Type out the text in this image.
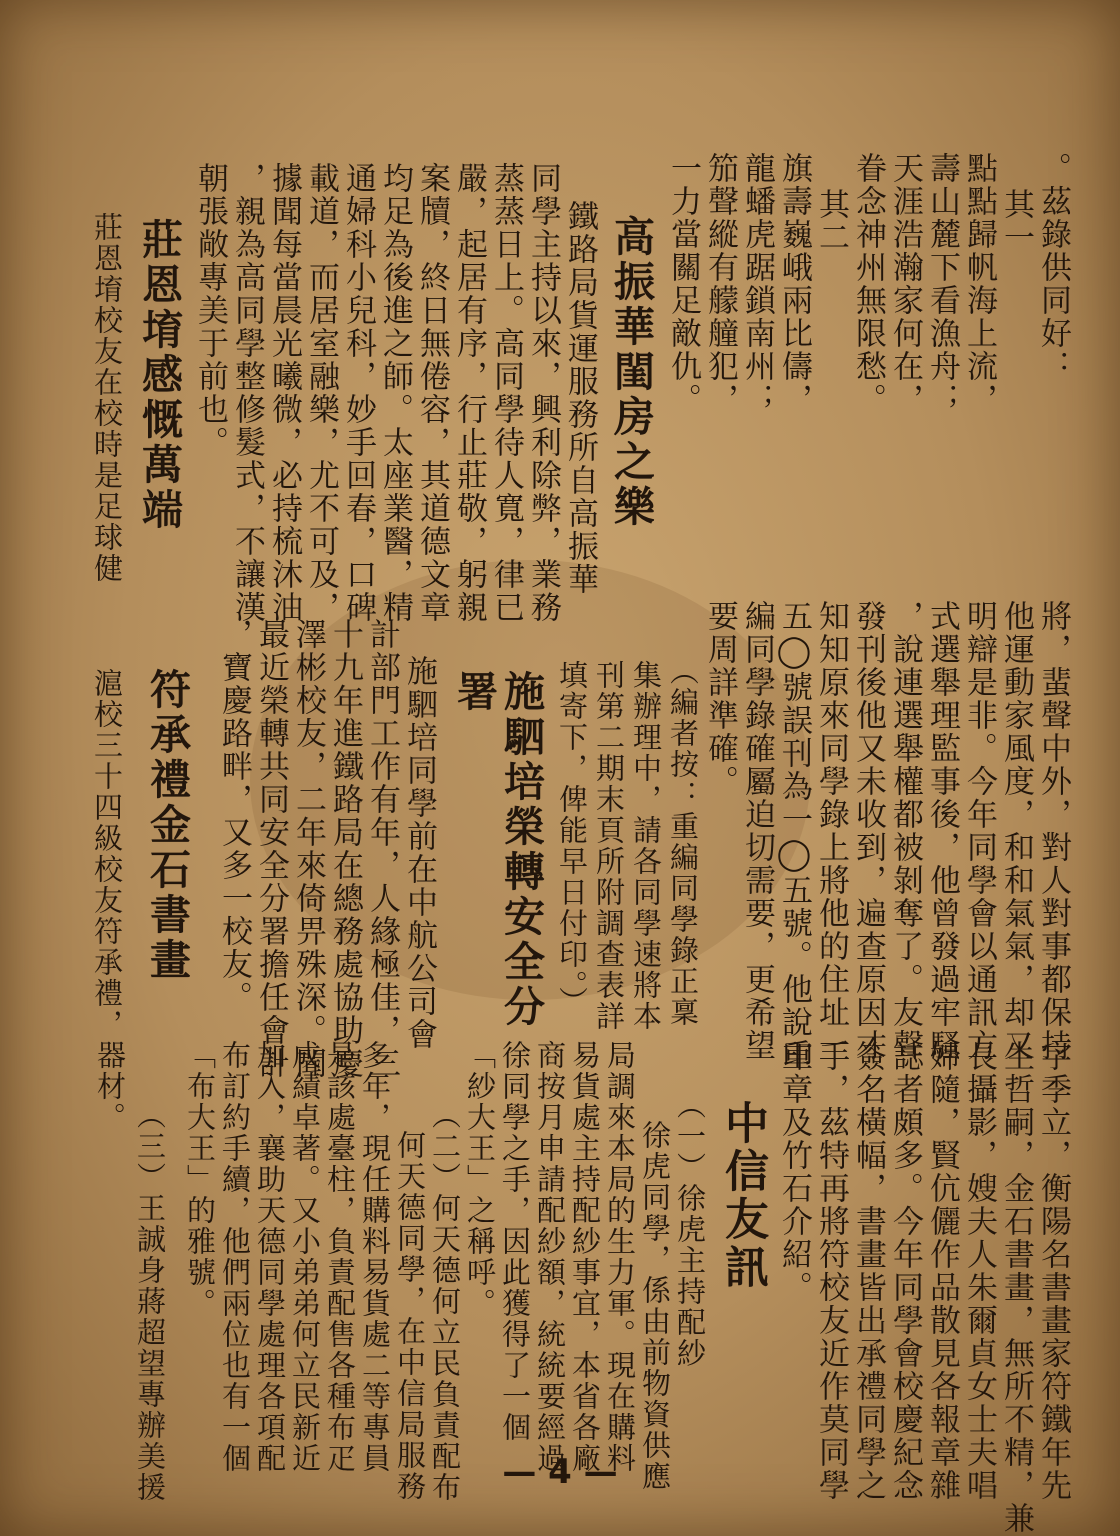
。茲錄供同好：
其一
點點歸帆海上流，
壽山麓下看漁舟；
天涯浩瀚家何在，
眷念神州無限愁。
其二
旗壽巍峨兩比儔，
龍蟠虎踞鎖南州；
笳聲縱有艨艟犯，
一力當關足敵仇。
高振華閨房之樂
鐵路局貨運服務所自高振華
同學主持以來，興利除弊，業務
蒸蒸日上。高同學待人寬，律已
嚴，起居有序，行止莊敬，躬親
案牘，終日無倦容，其道德文章
均足為後進之師。太座業醫，精
通婦科小兒科，妙手回春，口碑
載道，而居室融樂，尤不可及，
據聞每當晨光曦微，必持梳沐油
，親為高同學整修髮式，不讓漢
朝張敞專美于前也。
莊恩堉感慨萬端
莊恩堉校友在校時是足球健
將，蜚聲中外，對人對事都保持
他運動家風度，和和氣氣，却又
明辯是非。今年同學會以通訊方
式選舉理監事後，他曾發過牢騷
，說連選舉權都被剝奪了。友聲
發刊後他又未收到，遍查原因才
知知原來同學錄上將他的住址一
五◯號誤刊為一◯五號。他說重
編同學錄確屬迫切需要，更希望
要周詳準確。
（編者按：重編同學錄正稟
集辦理中，請各同學速將本
刊第二期末頁所附調查表詳
填寄下，俾能早日付印。）
施駟培榮轉安全分
署
施駟培同學前在中航公司會
計部門工作有年，人緣極佳，三
十九年進鐵路局在總務處協助慶
澤彬校友，二年來倚畀殊深。聞
最近榮轉共同安全分署擔任會計
，寶慶路畔，又多一校友。
符承禮金石書畫
滬校三十四級校友符承禮，
字季立，衡陽名書畫家符鐵年先
生哲嗣，金石書畫，無所不精，兼
長攝影，嫂夫人朱爾貞女士夫唱
婦隨，賢伉儷作品散見各報章雜
誌者頗多。今年同學會校慶紀念
簽名橫幅，書畫皆出承禮同學之
手，茲特再將符校友近作莫同學
印章及竹石介紹。
中信友訊
（一）徐虎主持配紗
徐虎同學，係由前物資供應
局調來本局的生力軍。現在購料
易貨處主持配紗事宜，本省各廠
商按月申請配紗額，統統要經過
徐同學之手，因此獲得了一個
「紗大王」之稱呼。
（二）何天德何立民負責配布
何天德同學，在中信局服務
多年，現任購料易貨處二等專員
是該處臺柱，負責配售各種布疋
成績卓著。又小弟弟何立民新近
加入，襄助天德同學處理各項配
布訂約手續，他們兩位也有一個
「布大王」的雅號。
（三）王誠身蔣超望專辦美援
器材。
— 4 —
